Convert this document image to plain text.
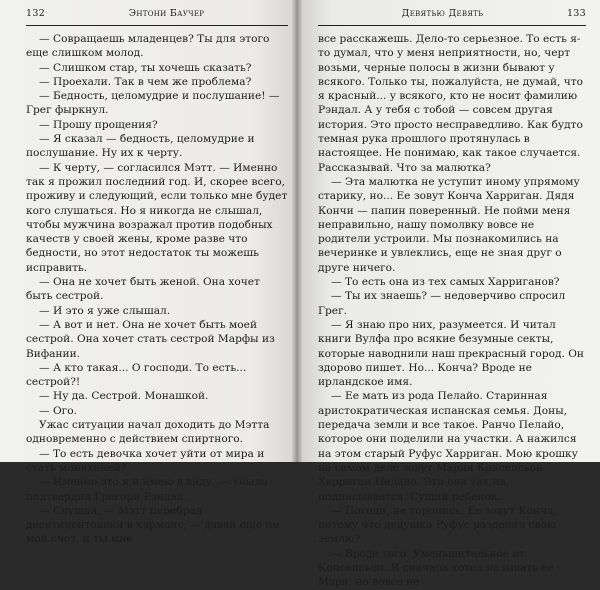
132	Энтони Баучер

— Совращаешь младенцев? Ты для этого еще слишком молод.

— Слишком стар, ты хочешь сказать?

— Проехали. Так в чем же проблема?

— Бедность, целомудрие и послушание! — Грег фыркнул.

— Прошу прощения?

— Я сказал — бедность, целомудрие и послушание. Ну их к черту.

— К черту, — согласился Мэтт. — Именно так я прожил последний год. И, скорее всего, проживу и следующий, если только мне будет кого слушаться. Но я никогда не слышал, чтобы мужчина возражал против подобных качеств у своей жены, кроме разве что бедности, но этот недостаток ты можешь исправить.

— Она не хочет быть женой. Она хочет быть сестрой.

— И это я уже слышал.

— А вот и нет. Она не хочет быть моей сестрой. Она хочет стать сестрой Марфы из Вифании.

— А кто такая... О господи. То есть... сестрой?!

— Ну да. Сестрой. Монашкой.

— Ого.

Ужас ситуации начал доходить до Мэтта одновременно с действием спиртного.

— То есть девочка хочет уйти от мира и стать монахиней?

— Именно это я и имею в виду, — уныло подтвердил Грегори Рэндал.

— Слушай, — Мэтт перебрал десятицентовики в карманс, — давай еще по мой счет, и ты мне

Девятью Девять	133

все расскажешь. Дело-то серьезное. То есть я-то думал, что у меня неприятности, но, черт возьми, черные полосы в жизни бывают у всякого. Только ты, пожалуйста, не думай, что я красный... у всякого, кто не носит фамилию Рэндал. А у тебя с тобой — совсем другая история. Это просто несправедливо. Как будто темная рука прошлого протянулась в настоящее. Не понимаю, как такое случается. Рассказывай. Что за малютка?

— Эта малютка не уступит иному упрямому старику, но... Ее зовут Конча Харриган. Дядя Кончи — папин поверенный. Не пойми меня неправильно, нашу помолвку вовсе не родители устроили. Мы познакомились на вечеринке и увлеклись, еще не зная друг о друге ничего.

— То есть она из тех самых Харриганов?

— Ты их знаешь? — недоверчиво спросил Грег.

— Я знаю про них, разумеется. И читал книги Вулфа про всякие безумные секты, которые наводнили наш прекрасный город. Он здорово пишет. Но... Конча? Вроде не ирландское имя.

— Ее мать из рода Пелайо. Старинная аристократическая испанская семья. Доны, передача земли и все такое. Ранчо Пелайо, которое они поделили на участки. А нажился на этом старый Руфус Харриган. Мою крошку на самом деле зовут Мария Консепсьон Харриган Пелайо. Это она так на подписывается. Сущий ребенок.

— Погоди, не торопись. Ее зовут Конча, потому что дедушка Руфус разделил свою землю?

— Вроде того. Уменьшительное от Консепсьон. Я сначала хотел называть ее Мэри, но вовсе не
